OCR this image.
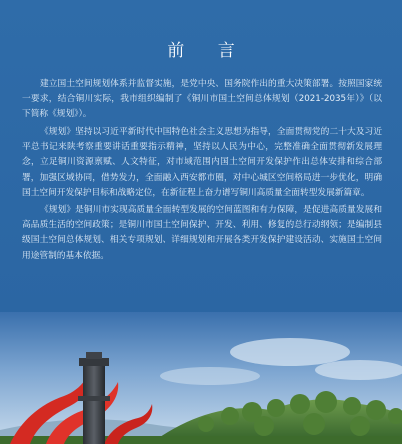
前 言

建立国土空间规划体系并监督实施，是党中央、国务院作出的重大决策部署。按照国家统一要求，结合铜川实际，我市组织编制了《铜川市国土空间总体规划（2021-2035年）》（以下简称《规划》）。

《规划》坚持以习近平新时代中国特色社会主义思想为指导，全面贯彻党的二十大及习近平总书记来陕考察重要讲话重要指示精神，坚持以人民为中心，完整准确全面贯彻新发展理念，立足铜川资源禀赋、人文特征，对市域范围内国土空间开发保护作出总体安排和综合部署，加强区域协同，借势发力，全面融入西安都市圈，对中心城区空间格局进一步优化，明确国土空间开发保护目标和战略定位，在新征程上奋力谱写铜川高质量全面转型发展新篇章。

《规划》是铜川市实现高质量全面转型发展的空间蓝图和有力保障，是促进高质量发展和高品质生活的空间政策；是铜川市国土空间保护、开发、利用、修复的总行动纲领；是编制县级国土空间总体规划、相关专项规划、详细规划和开展各类开发保护建设活动、实施国土空间用途管制的基本依据。
